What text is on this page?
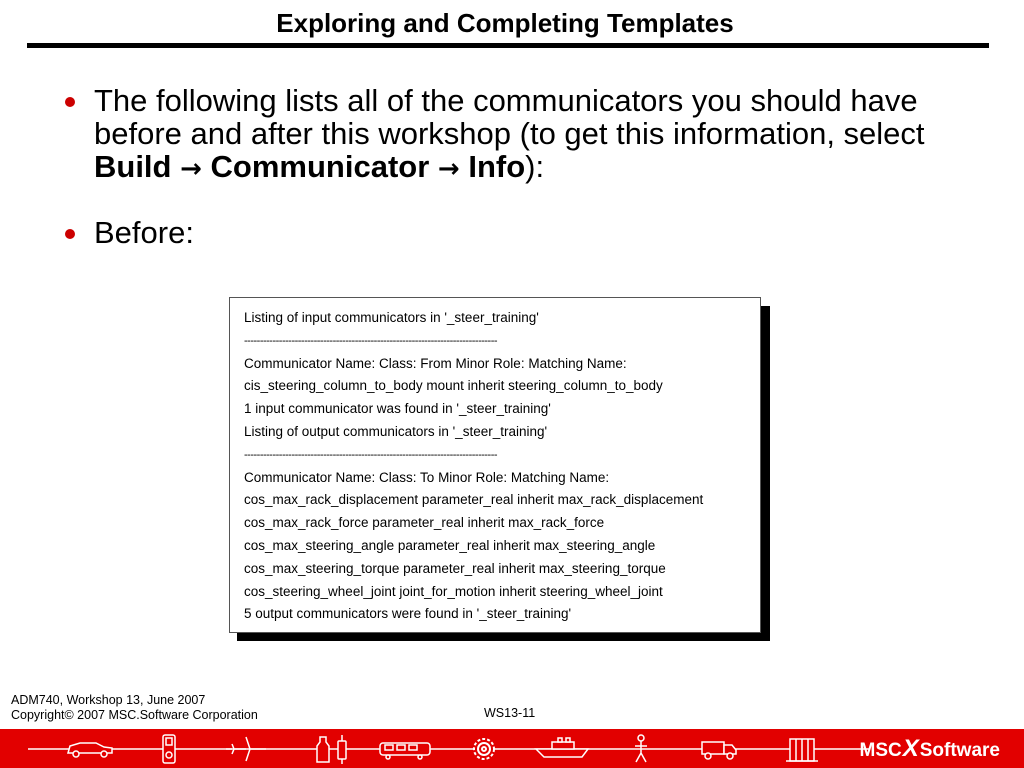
Exploring and Completing Templates
The following lists all of the communicators you should have before and after this workshop (to get this information, select Build → Communicator → Info):
Before:
Listing of input communicators in '_steer_training'
--------------------------------------------------------------------------------
Communicator Name: Class: From Minor Role: Matching Name:
cis_steering_column_to_body mount inherit steering_column_to_body
1 input communicator was found in '_steer_training'
Listing of output communicators in '_steer_training'
--------------------------------------------------------------------------------
Communicator Name: Class: To Minor Role: Matching Name:
cos_max_rack_displacement parameter_real inherit max_rack_displacement
cos_max_rack_force parameter_real inherit max_rack_force
cos_max_steering_angle parameter_real inherit max_steering_angle
cos_max_steering_torque parameter_real inherit max_steering_torque
cos_steering_wheel_joint joint_for_motion inherit steering_wheel_joint
5 output communicators were found in '_steer_training'
ADM740, Workshop 13, June 2007
Copyright© 2007 MSC.Software Corporation	WS13-11
MSCXSoftware
